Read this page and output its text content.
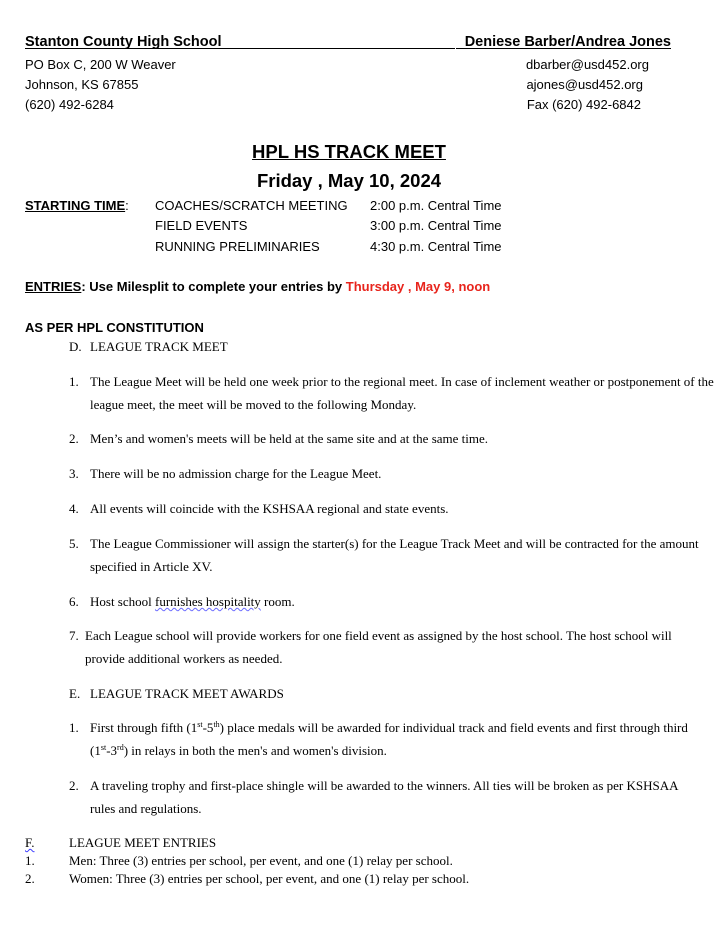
Stanton County High School
PO Box C, 200 W Weaver
Johnson, KS 67855
(620) 492-6284
Deniese Barber/Andrea Jones
dbarber@usd452.org
ajones@usd452.org
Fax (620) 492-6842
HPL HS TRACK MEET
Friday , May 10, 2024
STARTING TIME: COACHES/SCRATCH MEETING 2:00 p.m. Central Time
FIELD EVENTS	3:00 p.m. Central Time
RUNNING PRELIMINARIES	4:30 p.m. Central Time
ENTRIES: Use Milesplit to complete your entries by Thursday , May 9, noon
AS PER HPL CONSTITUTION
D. LEAGUE TRACK MEET
1. The League Meet will be held one week prior to the regional meet. In case of inclement weather or postponement of the league meet, the meet will be moved to the following Monday.
2. Men’s and women's meets will be held at the same site and at the same time.
3. There will be no admission charge for the League Meet.
4. All events will coincide with the KSHSAA regional and state events.
5. The League Commissioner will assign the starter(s) for the League Track Meet and will be contracted for the amount specified in Article XV.
6. Host school furnishes hospitality room.
7. Each League school will provide workers for one field event as assigned by the host school. The host school will provide additional workers as needed.
E. LEAGUE TRACK MEET AWARDS
1. First through fifth (1st-5th) place medals will be awarded for individual track and field events and first through third (1st-3rd) in relays in both the men's and women's division.
2. A traveling trophy and first-place shingle will be awarded to the winners. All ties will be broken as per KSHSAA rules and regulations.
F.	LEAGUE MEET ENTRIES
1.	Men: Three (3) entries per school, per event, and one (1) relay per school.
2.	Women: Three (3) entries per school, per event, and one (1) relay per school.
